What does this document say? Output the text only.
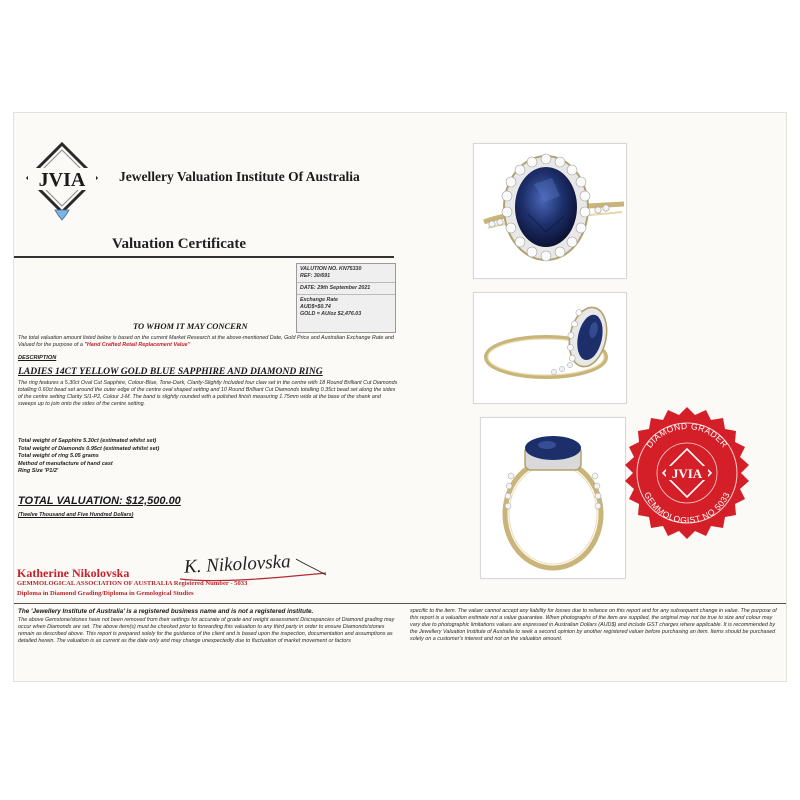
JVIA Jewellery Valuation Institute Of Australia
Valuation Certificate
VALUTION NO. KN75330
REF: 30/691
DATE: 29th September 2021
Exchange Rate
AUD$=$0.74
GOLD = AU/oz $2,476.03
TO WHOM IT MAY CONCERN
The total valuation amount listed below is based on the current Market Research at the above-mentioned Date, Gold Price and Australian Exchange Rate and Valued for the purpose of a "Hand Crafted Retail Replacement Value"
DESCRIPTION
LADIES 14CT YELLOW GOLD BLUE SAPPHIRE AND DIAMOND RING
The ring features a 5.30ct Oval Cut Sapphire, Colour-Blue, Tone-Dark, Clarity-Slightly Included four claw set in the centre with 18 Round Brilliant Cut Diamonds totalling 0.60ct bead set around the outer edge of the centre oval shaped setting and 10 Round Brilliant Cut Diamonds totalling 0.35ct bead set along the sides of the centre setting Clarity SI1-P2, Colour J-M. The band is slightly rounded with a polished finish measuring 1.75mm wide at the base of the shank and sweeps up to join onto the sides of the centre setting.
Total weight of Sapphire 5.30ct (estimated whilst set)
Total weight of Diamonds 0.95ct (estimated whilst set)
Total weight of ring 5.05 grams
Method of manufacture of hand cast
Ring Size 'P1/2'
TOTAL VALUATION: $12,500.00
(Twelve Thousand and Five Hundred Dollars)
Katherine Nikolovska	K. Nikolovska
GEMMOLOGICAL ASSOCIATION OF AUSTRALIA Registered Number - 5033
Diploma in Diamond Grading/Diploma in Gemological Studies
The 'Jewellery Institute of Australia' is a registered business name and is not a registered institute.
The above Gemstone/stones have not been removed from their settings for accurate of grade and weight assessment Discrepancies of Diamond grading may occur when Diamonds are set. The above item(s) must be checked prior to forwarding this valuation to any third party in order to ensure Diamonds/stones remain as described above. This report is prepared solely for the guidance of the client and is based upon the inspection, documentation and assumptions as detailed herein. The valuation is as current as the date only and may change unexpectedly due to fluctuation of market movement or factors
specific to the item. The valuer cannot accept any liability for losses due to reliance on this report and for any subsequent change in value. The purpose of this report is a valuation estimate not a value guarantee. When photographs of the item are supplied, the original may not be true to size and colour may vary due to photographic limitations values are expressed in Australian Dollars (AUD$) and include GST charges where applicable. It is recommended by the Jewellery Valuation Institute of Australia to seek a second opinion by another registered valuer before purchasing an item. Items should be purchased solely on a customer's interest and not on the valuation amount.
DIAMOND GRADER
GEMMOLOGIST NO 5033
JVIA
